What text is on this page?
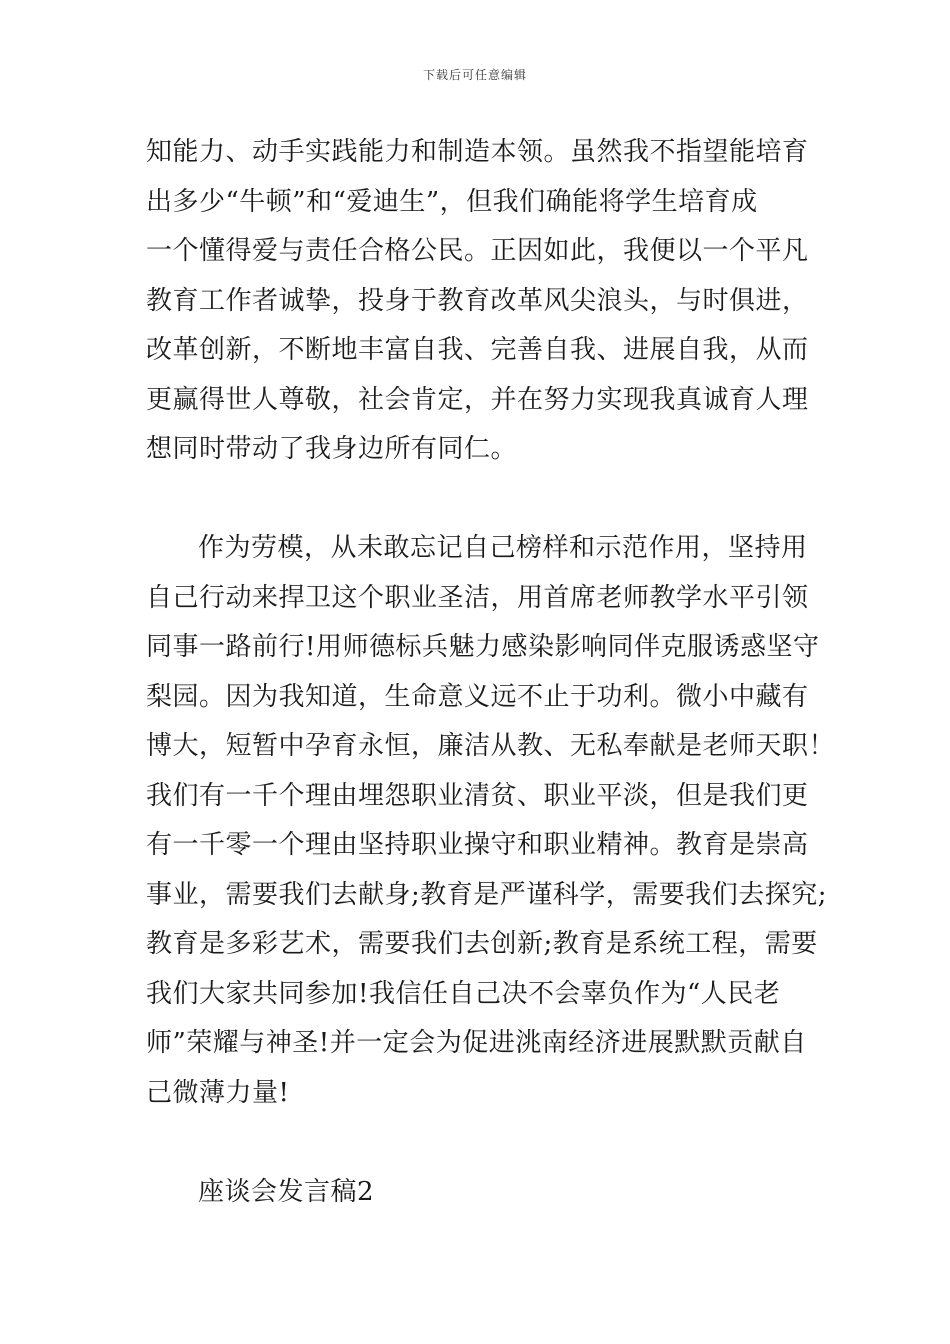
下载后可任意编辑
知能力、动手实践能力和制造本领。虽然我不指望能培育
出多少“牛顿”和“爱迪生”，但我们确能将学生培育成
一个懂得爱与责任合格公民。正因如此，我便以一个平凡
教育工作者诚挚，投身于教育改革风尖浪头，与时俱进，
改革创新，不断地丰富自我、完善自我、进展自我，从而
更赢得世人尊敬，社会肯定，并在努力实现我真诚育人理
想同时带动了我身边所有同仁。
作为劳模，从未敢忘记自己榜样和示范作用，坚持用
自己行动来捍卫这个职业圣洁，用首席老师教学水平引领
同事一路前行!用师德标兵魅力感染影响同伴克服诱惑坚守
梨园。因为我知道，生命意义远不止于功利。微小中藏有
博大，短暂中孕育永恒，廉洁从教、无私奉献是老师天职！
我们有一千个理由埋怨职业清贫、职业平淡，但是我们更
有一千零一个理由坚持职业操守和职业精神。教育是崇高
事业，需要我们去献身;教育是严谨科学，需要我们去探究;
教育是多彩艺术，需要我们去创新;教育是系统工程，需要
我们大家共同参加!我信任自己决不会辜负作为“人民老
师”荣耀与神圣!并一定会为促进洮南经济进展默默贡献自
己微薄力量!
座谈会发言稿2
